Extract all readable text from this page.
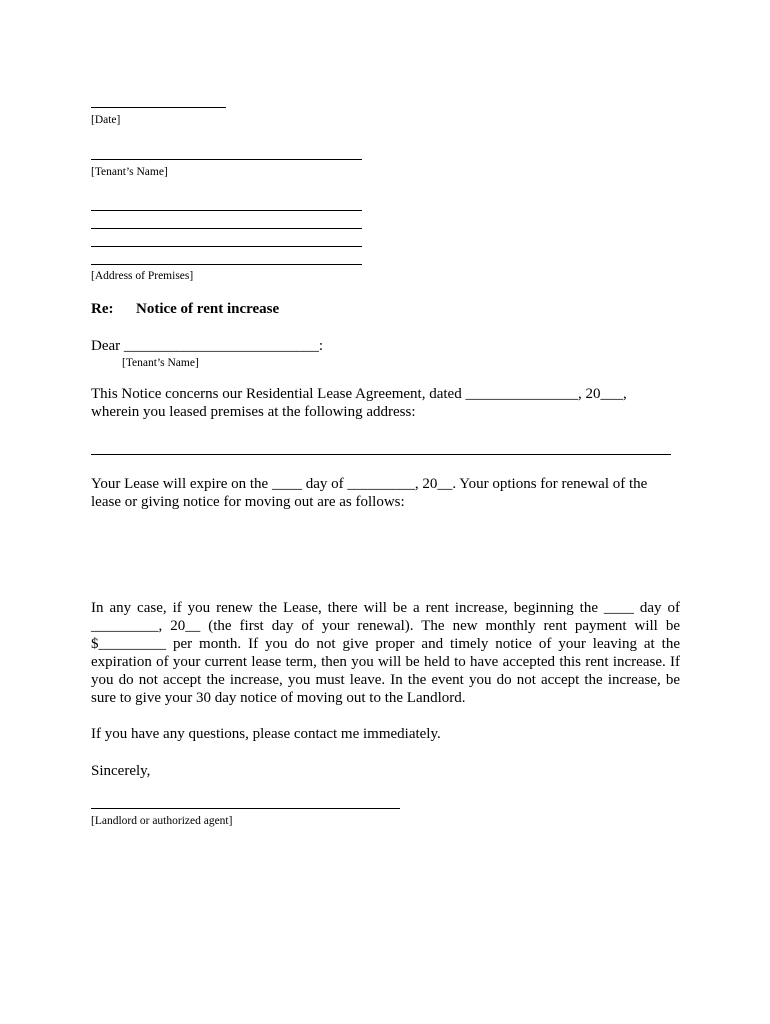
[Date]
[Tenant’s Name]
[Address of Premises]
Re: Notice of rent increase
Dear __________________________:
[Tenant’s Name]
This Notice concerns our Residential Lease Agreement, dated _______________, 20___,
wherein you leased premises at the following address:
Your Lease will expire on the ____ day of _________, 20__. Your options for renewal of the
lease or giving notice for moving out are as follows:
In any case, if you renew the Lease, there will be a rent increase, beginning the ____ day of _________, 20__ (the first day of your renewal). The new monthly rent payment will be $_________ per month. If you do not give proper and timely notice of your leaving at the expiration of your current lease term, then you will be held to have accepted this rent increase. If you do not accept the increase, you must leave. In the event you do not accept the increase, be sure to give your 30 day notice of moving out to the Landlord.
If you have any questions, please contact me immediately.
Sincerely,
[Landlord or authorized agent]
